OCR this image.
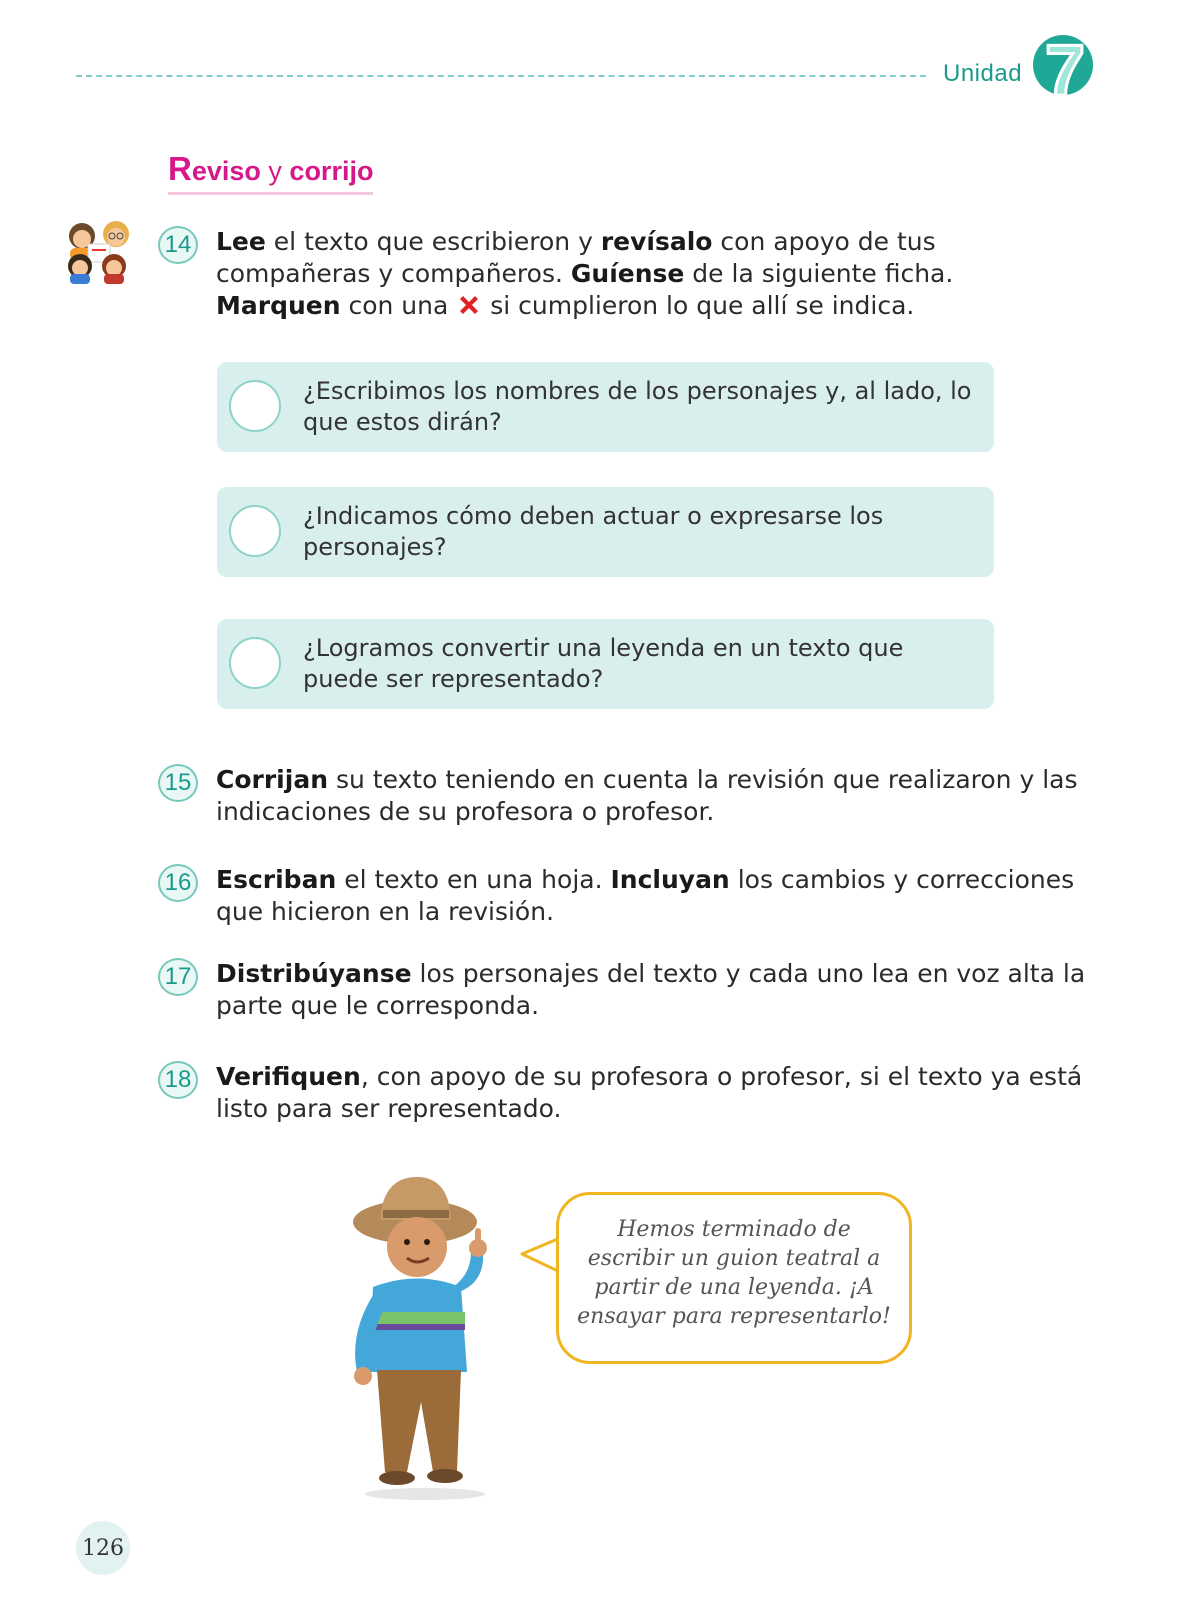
Unidad 7
Reviso y corrijo
14 Lee el texto que escribieron y revísalo con apoyo de tus compañeras y compañeros. Guíense de la siguiente ficha. Marquen con una  si cumplieron lo que allí se indica.
¿Escribimos los nombres de los personajes y, al lado, lo que estos dirán?
¿Indicamos cómo deben actuar o expresarse los personajes?
¿Logramos convertir una leyenda en un texto que puede ser representado?
15 Corrijan su texto teniendo en cuenta la revisión que realizaron y las indicaciones de su profesora o profesor.
16 Escriban el texto en una hoja. Incluyan los cambios y correcciones que hicieron en la revisión.
17 Distribúyanse los personajes del texto y cada uno lea en voz alta la parte que le corresponda.
18 Verifiquen, con apoyo de su profesora o profesor, si el texto ya está listo para ser representado.
Hemos terminado de escribir un guion teatral a partir de una leyenda. ¡A ensayar para representarlo!
126
